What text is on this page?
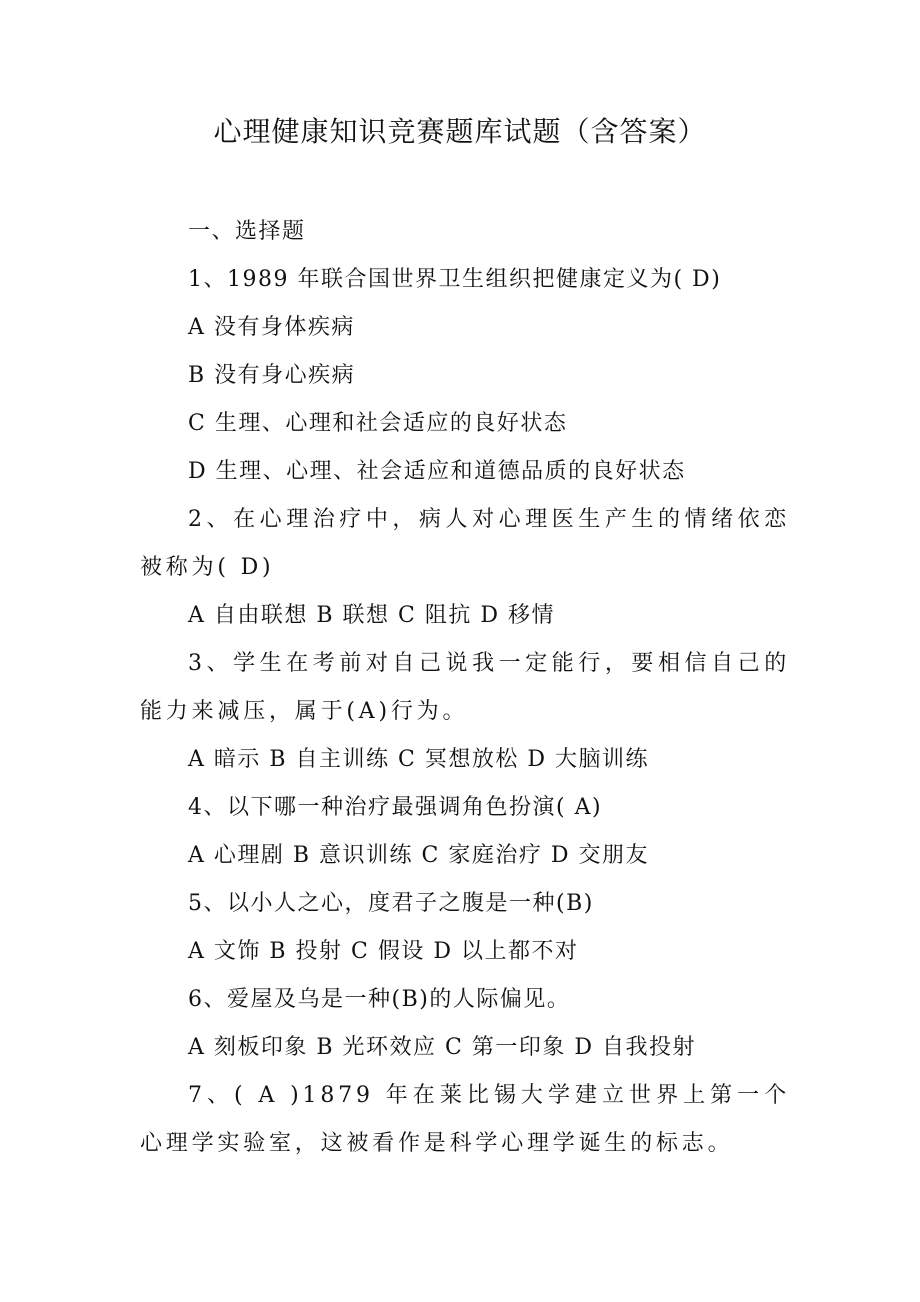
心理健康知识竞赛题库试题（含答案）

一、选择题

1、1989 年联合国世界卫生组织把健康定义为( D)

A 没有身体疾病

B 没有身心疾病

C 生理、心理和社会适应的良好状态

D 生理、心理、社会适应和道德品质的良好状态

2、在心理治疗中，病人对心理医生产生的情绪依恋被称为( D)

A 自由联想 B 联想 C 阻抗 D 移情

3、学生在考前对自己说我一定能行，要相信自己的能力来减压，属于(A)行为。

A 暗示 B 自主训练 C 冥想放松 D 大脑训练

4、以下哪一种治疗最强调角色扮演( A)

A 心理剧 B 意识训练 C 家庭治疗 D 交朋友

5、以小人之心，度君子之腹是一种(B)

A 文饰 B 投射 C 假设 D 以上都不对

6、爱屋及乌是一种(B)的人际偏见。

A 刻板印象 B 光环效应 C 第一印象 D 自我投射

7、( A )1879 年在莱比锡大学建立世界上第一个心理学实验室，这被看作是科学心理学诞生的标志。
